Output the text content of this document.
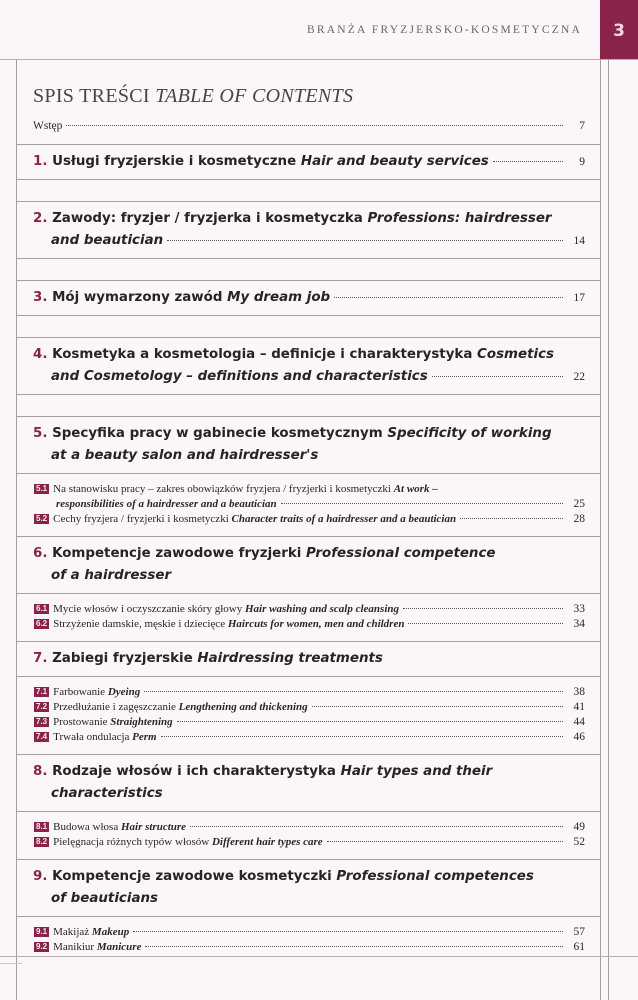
BRANŻA FRYZJERSKO-KOSMETYCZNA	3
SPIS TREŚCI TABLE OF CONTENTS
Wstęp	7
1. Usługi fryzjerskie i kosmetyczne Hair and beauty services	9
2. Zawody: fryzjer / fryzjerka i kosmetyczka Professions: hairdresser
and beautician	14
3. Mój wymarzony zawód My dream job	17
4. Kosmetyka a kosmetologia – definicje i charakterystyka Cosmetics
and Cosmetology – definitions and characteristics	22
5. Specyfika pracy w gabinecie kosmetycznym Specificity of working
at a beauty salon and hairdresser's
5.1 Na stanowisku pracy – zakres obowiązków fryzjera / fryzjerki i kosmetyczki At work –
responsibilities of a hairdresser and a beautician	25
5.2 Cechy fryzjera / fryzjerki i kosmetyczki Character traits of a hairdresser and a beautician	28
6. Kompetencje zawodowe fryzjerki Professional competence
of a hairdresser
6.1 Mycie włosów i oczyszczanie skóry głowy Hair washing and scalp cleansing	33
6.2 Strzyżenie damskie, męskie i dziecięce Haircuts for women, men and children	34
7. Zabiegi fryzjerskie Hairdressing treatments
7.1 Farbowanie Dyeing	38
7.2 Przedłużanie i zagęszczanie Lengthening and thickening	41
7.3 Prostowanie Straightening	44
7.4 Trwała ondulacja Perm	46
8. Rodzaje włosów i ich charakterystyka Hair types and their
characteristics
8.1 Budowa włosa Hair structure	49
8.2 Pielęgnacja różnych typów włosów Different hair types care	52
9. Kompetencje zawodowe kosmetyczki Professional competences
of beauticians
9.1 Makijaż Makeup	57
9.2 Manikiur Manicure	61
